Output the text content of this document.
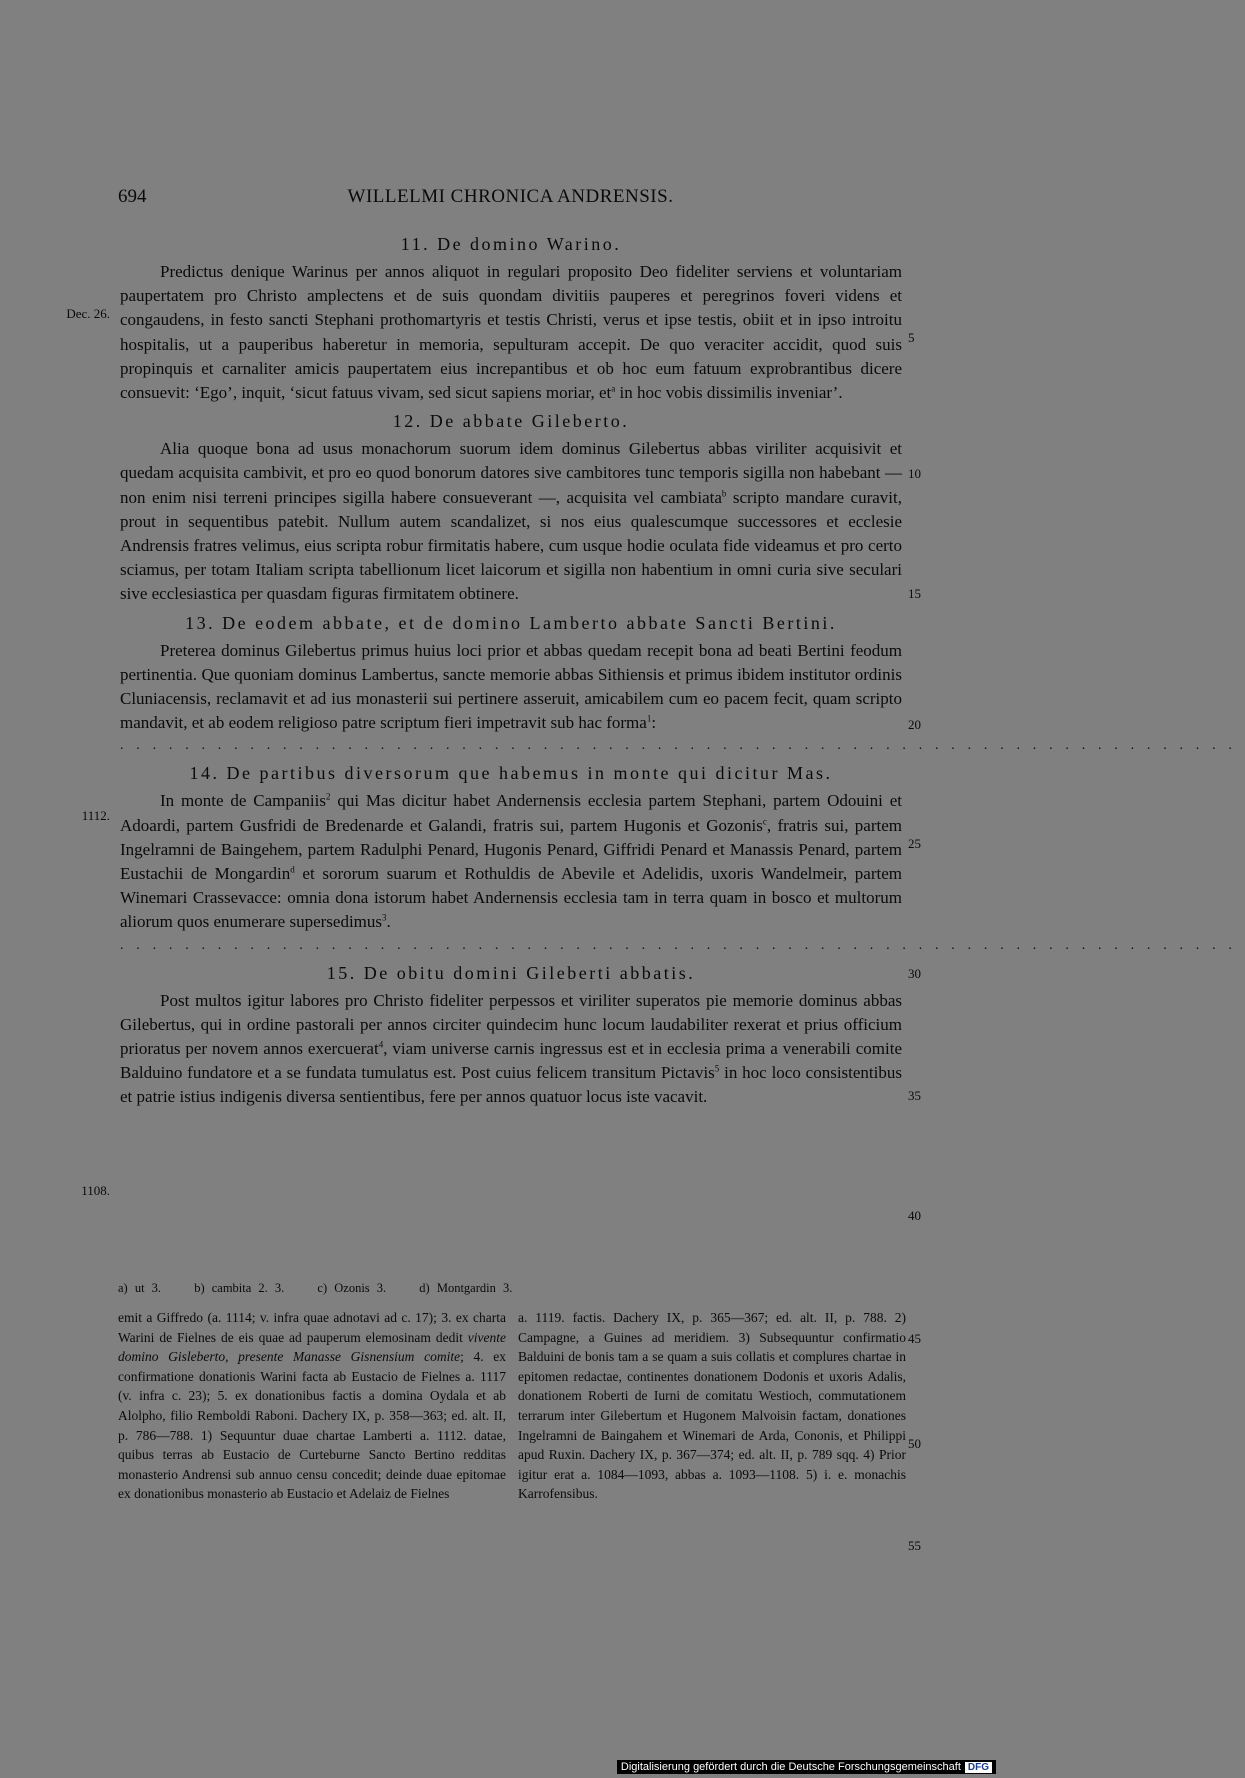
694	WILLELMI CHRONICA ANDRENSIS.
Dec. 26.
1112.
1108.
5
10
15
20
25
30
35
40
45
50
55
11. De domino Warino.

Predictus denique Warinus per annos aliquot in regulari proposito Deo fideliter serviens et voluntariam paupertatem pro Christo amplectens et de suis quondam divitiis pauperes et peregrinos foveri videns et congaudens, in festo sancti Stephani prothomartyris et testis Christi, verus et ipse testis, obiit et in ipso introitu hospitalis, ut a pauperibus haberetur in memoria, sepulturam accepit. De quo veraciter accidit, quod suis propinquis et carnaliter amicis paupertatem eius increpantibus et ob hoc eum fatuum exprobrantibus dicere consuevit: ‘Ego’, inquit, ‘sicut fatuus vivam, sed sicut sapiens moriar, $et^a$ in hoc vobis dissimilis inveniar’.

12. De abbate Gileberto.

Alia quoque bona ad usus monachorum suorum idem dominus Gilebertus abbas viriliter acquisivit et quedam acquisita cambivit, et pro eo quod bonorum datores sive cambitores tunc temporis sigilla non habebant — non enim nisi terreni principes sigilla habere consueverant —, acquisita vel cambiata$^b$ scripto mandare curavit, prout in sequentibus patebit. Nullum autem scandalizet, si nos eius qualescumque successores et ecclesie Andrensis fratres velimus, eius scripta robur firmitatis habere, cum usque hodie oculata fide videamus et pro certo sciamus, per totam Italiam scripta tabellionum licet laicorum et sigilla non habentium in omni curia sive seculari sive ecclesiastica per quasdam figuras firmitatem obtinere.

13. De eodem abbate, et de domino Lamberto abbate Sancti Bertini.

Preterea dominus Gilebertus primus huius loci prior et abbas quedam recepit bona ad beati Bertini feodum pertinentia. Que quoniam dominus Lambertus, sancte memorie abbas Sithiensis et primus ibidem institutor ordinis Cluniacensis, reclamavit et ad ius monasterii sui pertinere asseruit, amicabilem cum eo pacem fecit, quam scripto mandavit, et ab eodem religioso patre scriptum fieri impetravit sub hac forma$^1$:

.....................................................................
14. De partibus diversorum que habemus in monte qui dicitur Mas.

In monte de Campaniis$^2$ qui Mas dicitur habet Andernensis ecclesia partem Stephani, partem Odouini et Adoardi, partem Gusfridi de Bredenarde et Galandi, fratris sui, partem Hugonis et Gozonis$^c$, fratris sui, partem Ingelramni de Baingehem, partem Radulphi Penard, Hugonis Penard, Giffridi Penard et Manassis Penard, partem Eustachii de Mongardin$^d$ et sororum suarum et Rothuldis de Abevile et Adelidis, uxoris Wandelmeir, partem Winemari Crassevacce: omnia dona istorum habet Andernensis ecclesia tam in terra quam in bosco et multorum aliorum quos enumerare supersedimus$^3$.

.....................................................................
15. De obitu domini Gileberti abbatis.

Post multos igitur labores pro Christo fideliter perpessos et viriliter superatos pie memorie dominus abbas Gilebertus, qui in ordine pastorali per annos circiter quindecim hunc locum laudabiliter rexerat et prius officium prioratus per novem annos exercuerat$^4$, viam universe carnis ingressus est et in ecclesia prima a venerabili comite Balduino fundatore et a se fundata tumulatus est. Post cuius felicem transitum Pictavis$^5$ in hoc loco consistentibus et patrie istius indigenis diversa sentientibus, fere per annos quatuor locus iste vacavit.

a) ut 3.	b) cambita 2. 3.	c) Ozonis 3.	d) Montgardin 3.

emit a Giffredo (a. 1114; v. infra quae adnotavi ad c. 17); 3. ex charta Warini de Fielnes de eis quae ad pauperum elemosinam dedit vivente domino Gisleberto, presente Manasse Gisnensium comite; 4. ex confirmatione donationis Warini facta ab Eustacio de Fielnes a. 1117 (v. infra c. 23); 5. ex donationibus factis a domina Oydala et ab Alolpho, filio Remboldi Raboni. Dachery IX, p. 358—363; ed. alt. II, p. 786—788. 1) Sequuntur duae chartae Lamberti a. 1112. datae, quibus terras ab Eustacio de Curteburne Sancto Bertino redditas monasterio Andrensi sub annuo censu concedit; deinde duae epitomae ex donationibus monasterio ab Eustacio et Adelaiz de Fielnes

a. 1119. factis. Dachery IX, p. 365—367; ed. alt. II, p. 788. 2) Campagne, a Guines ad meridiem. 3) Subsequuntur confirmatio Balduini de bonis tam a se quam a suis collatis et complures chartae in epitomen redactae, continentes donationem Dodonis et uxoris Adalis, donationem Roberti de Iurni de comitatu Westioch, commutationem terrarum inter Gilebertum et Hugonem Malvoisin factam, donationes Ingelramni de Baingahem et Winemari de Arda, Cononis, et Philippi apud Ruxin. Dachery IX, p. 367—374; ed. alt. II, p. 789 sqq. 4) Prior igitur erat a. 1084—1093, abbas a. 1093—1108. 5) i. e. monachis Karrofensibus.

Digitalisierung gefördert durch die Deutsche Forschungsgemeinschaft DFG
